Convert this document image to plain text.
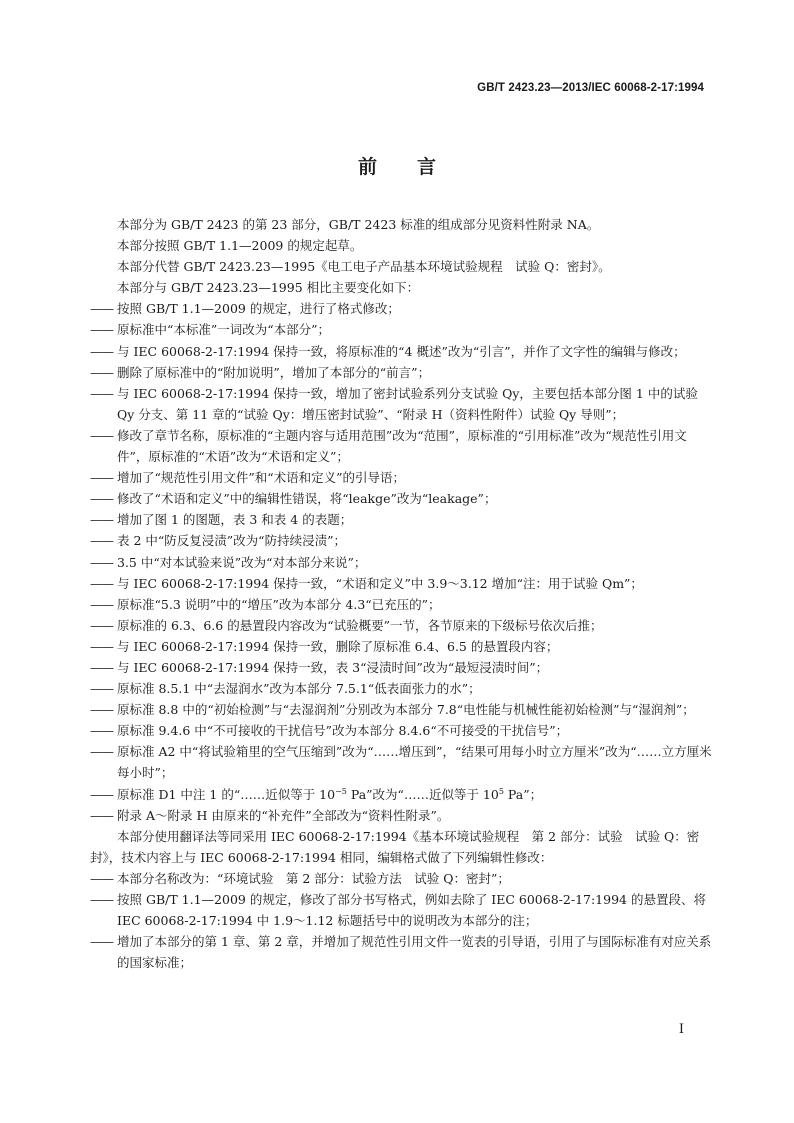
GB/T 2423.23—2013/IEC 60068-2-17:1994
前言

本部分为 GB/T 2423 的第 23 部分，GB/T 2423 标准的组成部分见资料性附录 NA。

本部分按照 GB/T 1.1—2009 的规定起草。

本部分代替 GB/T 2423.23—1995《电工电子产品基本环境试验规程　试验 Q：密封》。

本部分与 GB/T 2423.23—1995 相比主要变化如下：

—— 按照 GB/T 1.1—2009 的规定，进行了格式修改；
—— 原标准中“本标准”一词改为“本部分”；
—— 与 IEC 60068-2-17:1994 保持一致，将原标准的“4 概述”改为“引言”，并作了文字性的编辑与修改；
—— 删除了原标准中的“附加说明”，增加了本部分的“前言”；
—— 与 IEC 60068-2-17:1994 保持一致，增加了密封试验系列分支试验 Qy，主要包括本部分图 1 中的试验 Qy 分支、第 11 章的“试验 Qy：增压密封试验”、“附录 H（资料性附件）试验 Qy 导则”；
—— 修改了章节名称，原标准的“主题内容与适用范围”改为“范围”，原标准的“引用标准”改为“规范性引用文件”，原标准的“术语”改为“术语和定义”；
—— 增加了“规范性引用文件”和“术语和定义”的引导语；
—— 修改了“术语和定义”中的编辑性错误，将“leakge”改为“leakage”；
—— 增加了图 1 的图题，表 3 和表 4 的表题；
—— 表 2 中“防反复浸渍”改为“防持续浸渍”；
—— 3.5 中“对本试验来说”改为“对本部分来说”；
—— 与 IEC 60068-2-17:1994 保持一致，“术语和定义”中 3.9～3.12 增加“注：用于试验 Qm”；
—— 原标准“5.3 说明”中的“增压”改为本部分 4.3“已充压的”；
—— 原标准的 6.3、6.6 的悬置段内容改为“试验概要”一节，各节原来的下级标号依次后推；
—— 与 IEC 60068-2-17:1994 保持一致，删除了原标准 6.4、6.5 的悬置段内容；
—— 与 IEC 60068-2-17:1994 保持一致，表 3“浸渍时间”改为“最短浸渍时间”；
—— 原标准 8.5.1 中“去湿润水”改为本部分 7.5.1“低表面张力的水”；
—— 原标准 8.8 中的“初始检测”与“去湿润剂”分别改为本部分 7.8“电性能与机械性能初始检测”与“湿润剂”；
—— 原标准 9.4.6 中“不可接收的干扰信号”改为本部分 8.4.6“不可接受的干扰信号”；
—— 原标准 A2 中“将试验箱里的空气压缩到”改为“……增压到”，“结果可用每小时立方厘米”改为“……立方厘米每小时”；
—— 原标准 D1 中注 1 的“……近似等于 $10^{-5}$ Pa”改为“……近似等于 $10^5$ Pa”；
—— 附录 A～附录 H 由原来的“补充件”全部改为“资料性附录”。

本部分使用翻译法等同采用 IEC 60068-2-17:1994《基本环境试验规程　第 2 部分：试验　试验 Q：密封》，技术内容上与 IEC 60068-2-17:1994 相同，编辑格式做了下列编辑性修改：

—— 本部分名称改为：“环境试验　第 2 部分：试验方法　试验 Q：密封”；
—— 按照 GB/T 1.1—2009 的规定，修改了部分书写格式，例如去除了 IEC 60068-2-17:1994 的悬置段、将 IEC 60068-2-17:1994 中 1.9～1.12 标题括号中的说明改为本部分的注；
—— 增加了本部分的第 1 章、第 2 章，并增加了规范性引用文件一览表的引导语，引用了与国际标准有对应关系的国家标准；
I
